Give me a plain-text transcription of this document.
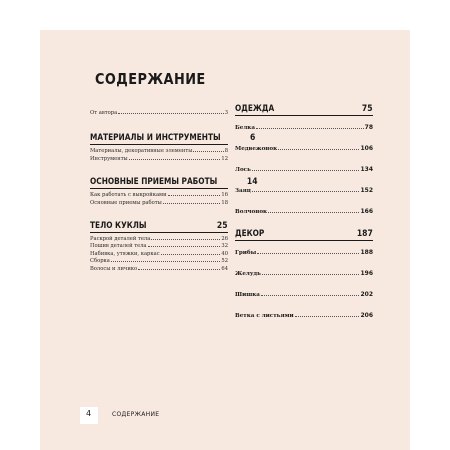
СОДЕРЖАНИЕ
От автора	3
МАТЕРИАЛЫ И ИНСТРУМЕНТЫ	6
Материалы, декоративные элементы	8
Инструменты	12
ОСНОВНЫЕ ПРИЕМЫ РАБОТЫ	14
Как работать с выкройками	16
Основные приемы работы	18
ТЕЛО КУКЛЫ	25
Раскрой деталей тела	26
Пошив деталей тела	32
Набивка, утяжки, каркас	40
Сборка	52
Волосы и личико	64
ОДЕЖДА	75
Белка	78
Медвежонок	106
Лось	134
Заяц	152
Волчонок	166
ДЕКОР	187
Грибы	188
Желудь	196
Шишка	202
Ветка с листьями	206
4	СОДЕРЖАНИЕ
